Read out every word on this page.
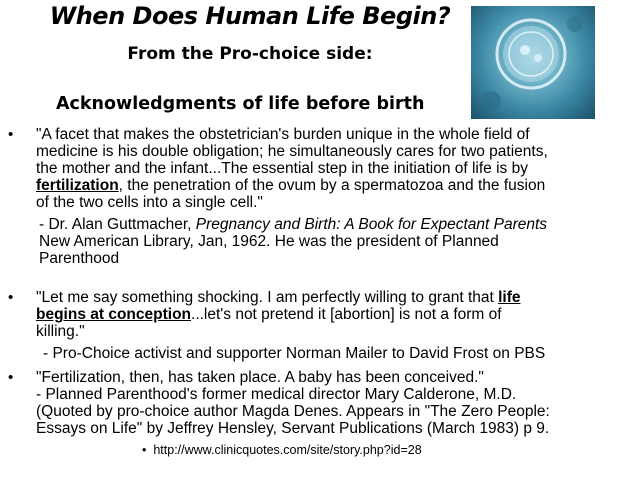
When Does Human Life Begin?
From the Pro-choice side:
Acknowledgments of life before birth
• "A facet that makes the obstetrician's burden unique in the whole field of
medicine is his double obligation; he simultaneously cares for two patients,
the mother and the infant...The essential step in the initiation of life is by
fertilization, the penetration of the ovum by a spermatozoa and the fusion
of the two cells into a single cell."
- Dr. Alan Guttmacher, Pregnancy and Birth: A Book for Expectant Parents
New American Library, Jan, 1962. He was the president of Planned
Parenthood
• "Let me say something shocking. I am perfectly willing to grant that life
begins at conception...let's not pretend it [abortion] is not a form of
killing."
- Pro-Choice activist and supporter Norman Mailer to David Frost on PBS
• "Fertilization, then, has taken place. A baby has been conceived."
- Planned Parenthood's former medical director Mary Calderone, M.D.
(Quoted by pro-choice author Magda Denes. Appears in "The Zero People:
Essays on Life" by Jeffrey Hensley, Servant Publications (March 1983) p 9.
• http://www.clinicquotes.com/site/story.php?id=28
